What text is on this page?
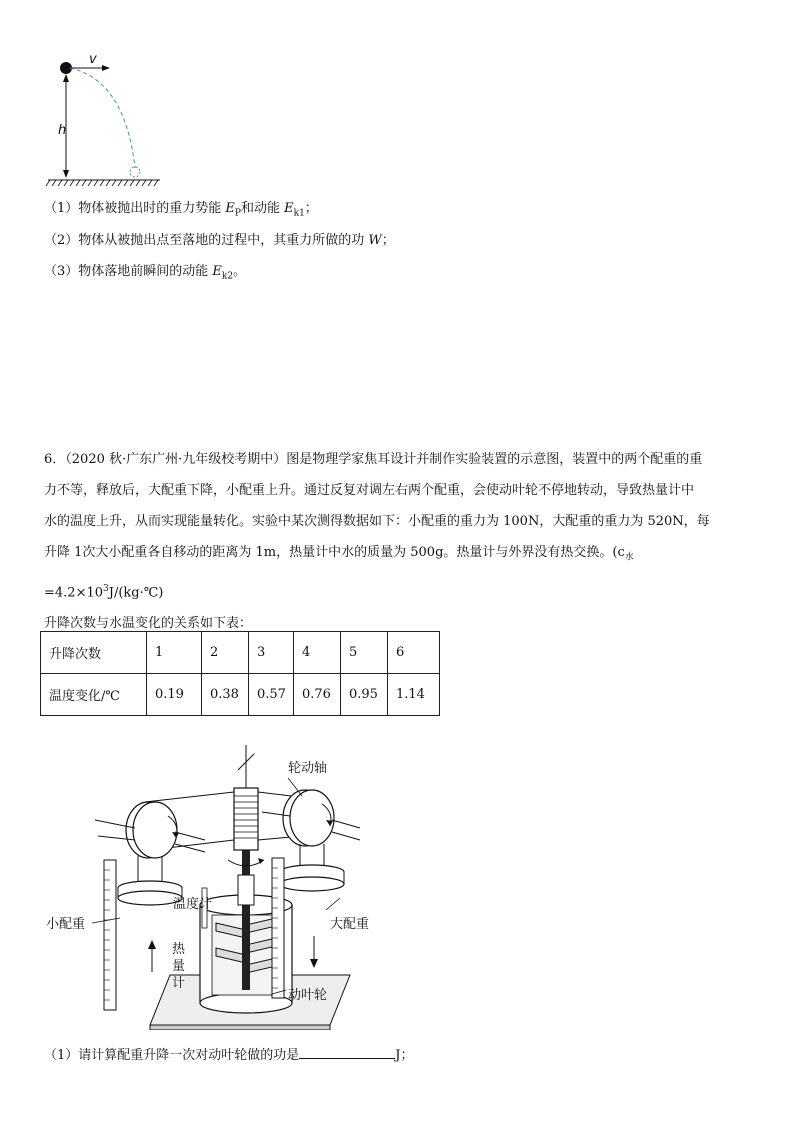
v
h
（1）物体被抛出时的重力势能 $E_P$和动能 $E_{k1}$；
（2）物体从被抛出点至落地的过程中，其重力所做的功 W；
（3）物体落地前瞬间的动能 $E_{k2}$。
6．（2020 秋·广东广州·九年级校考期中）图是物理学家焦耳设计并制作实验装置的示意图，装置中的两个配重的重
力不等，释放后，大配重下降，小配重上升。通过反复对调左右两个配重，会使动叶轮不停地转动，导致热量计中
水的温度上升，从而实现能量转化。实验中某次测得数据如下：小配重的重力为 100N，大配重的重力为 520N，每
升降 1次大小配重各自移动的距离为 1m，热量计中水的质量为 500g。热量计与外界没有热交换。($c_水$
$=4.2\times 10^3J/(kg\cdot℃)$
升降次数与水温变化的关系如下表：
升降次数	1	2	3	4	5	6
温度变化/℃	0.19	0.38	0.57	0.76	0.95	1.14
轮动轴
温度计
小配重	大配重
热
量
计
动叶轮
（1）请计算配重升降一次对动叶轮做的功是	J；
